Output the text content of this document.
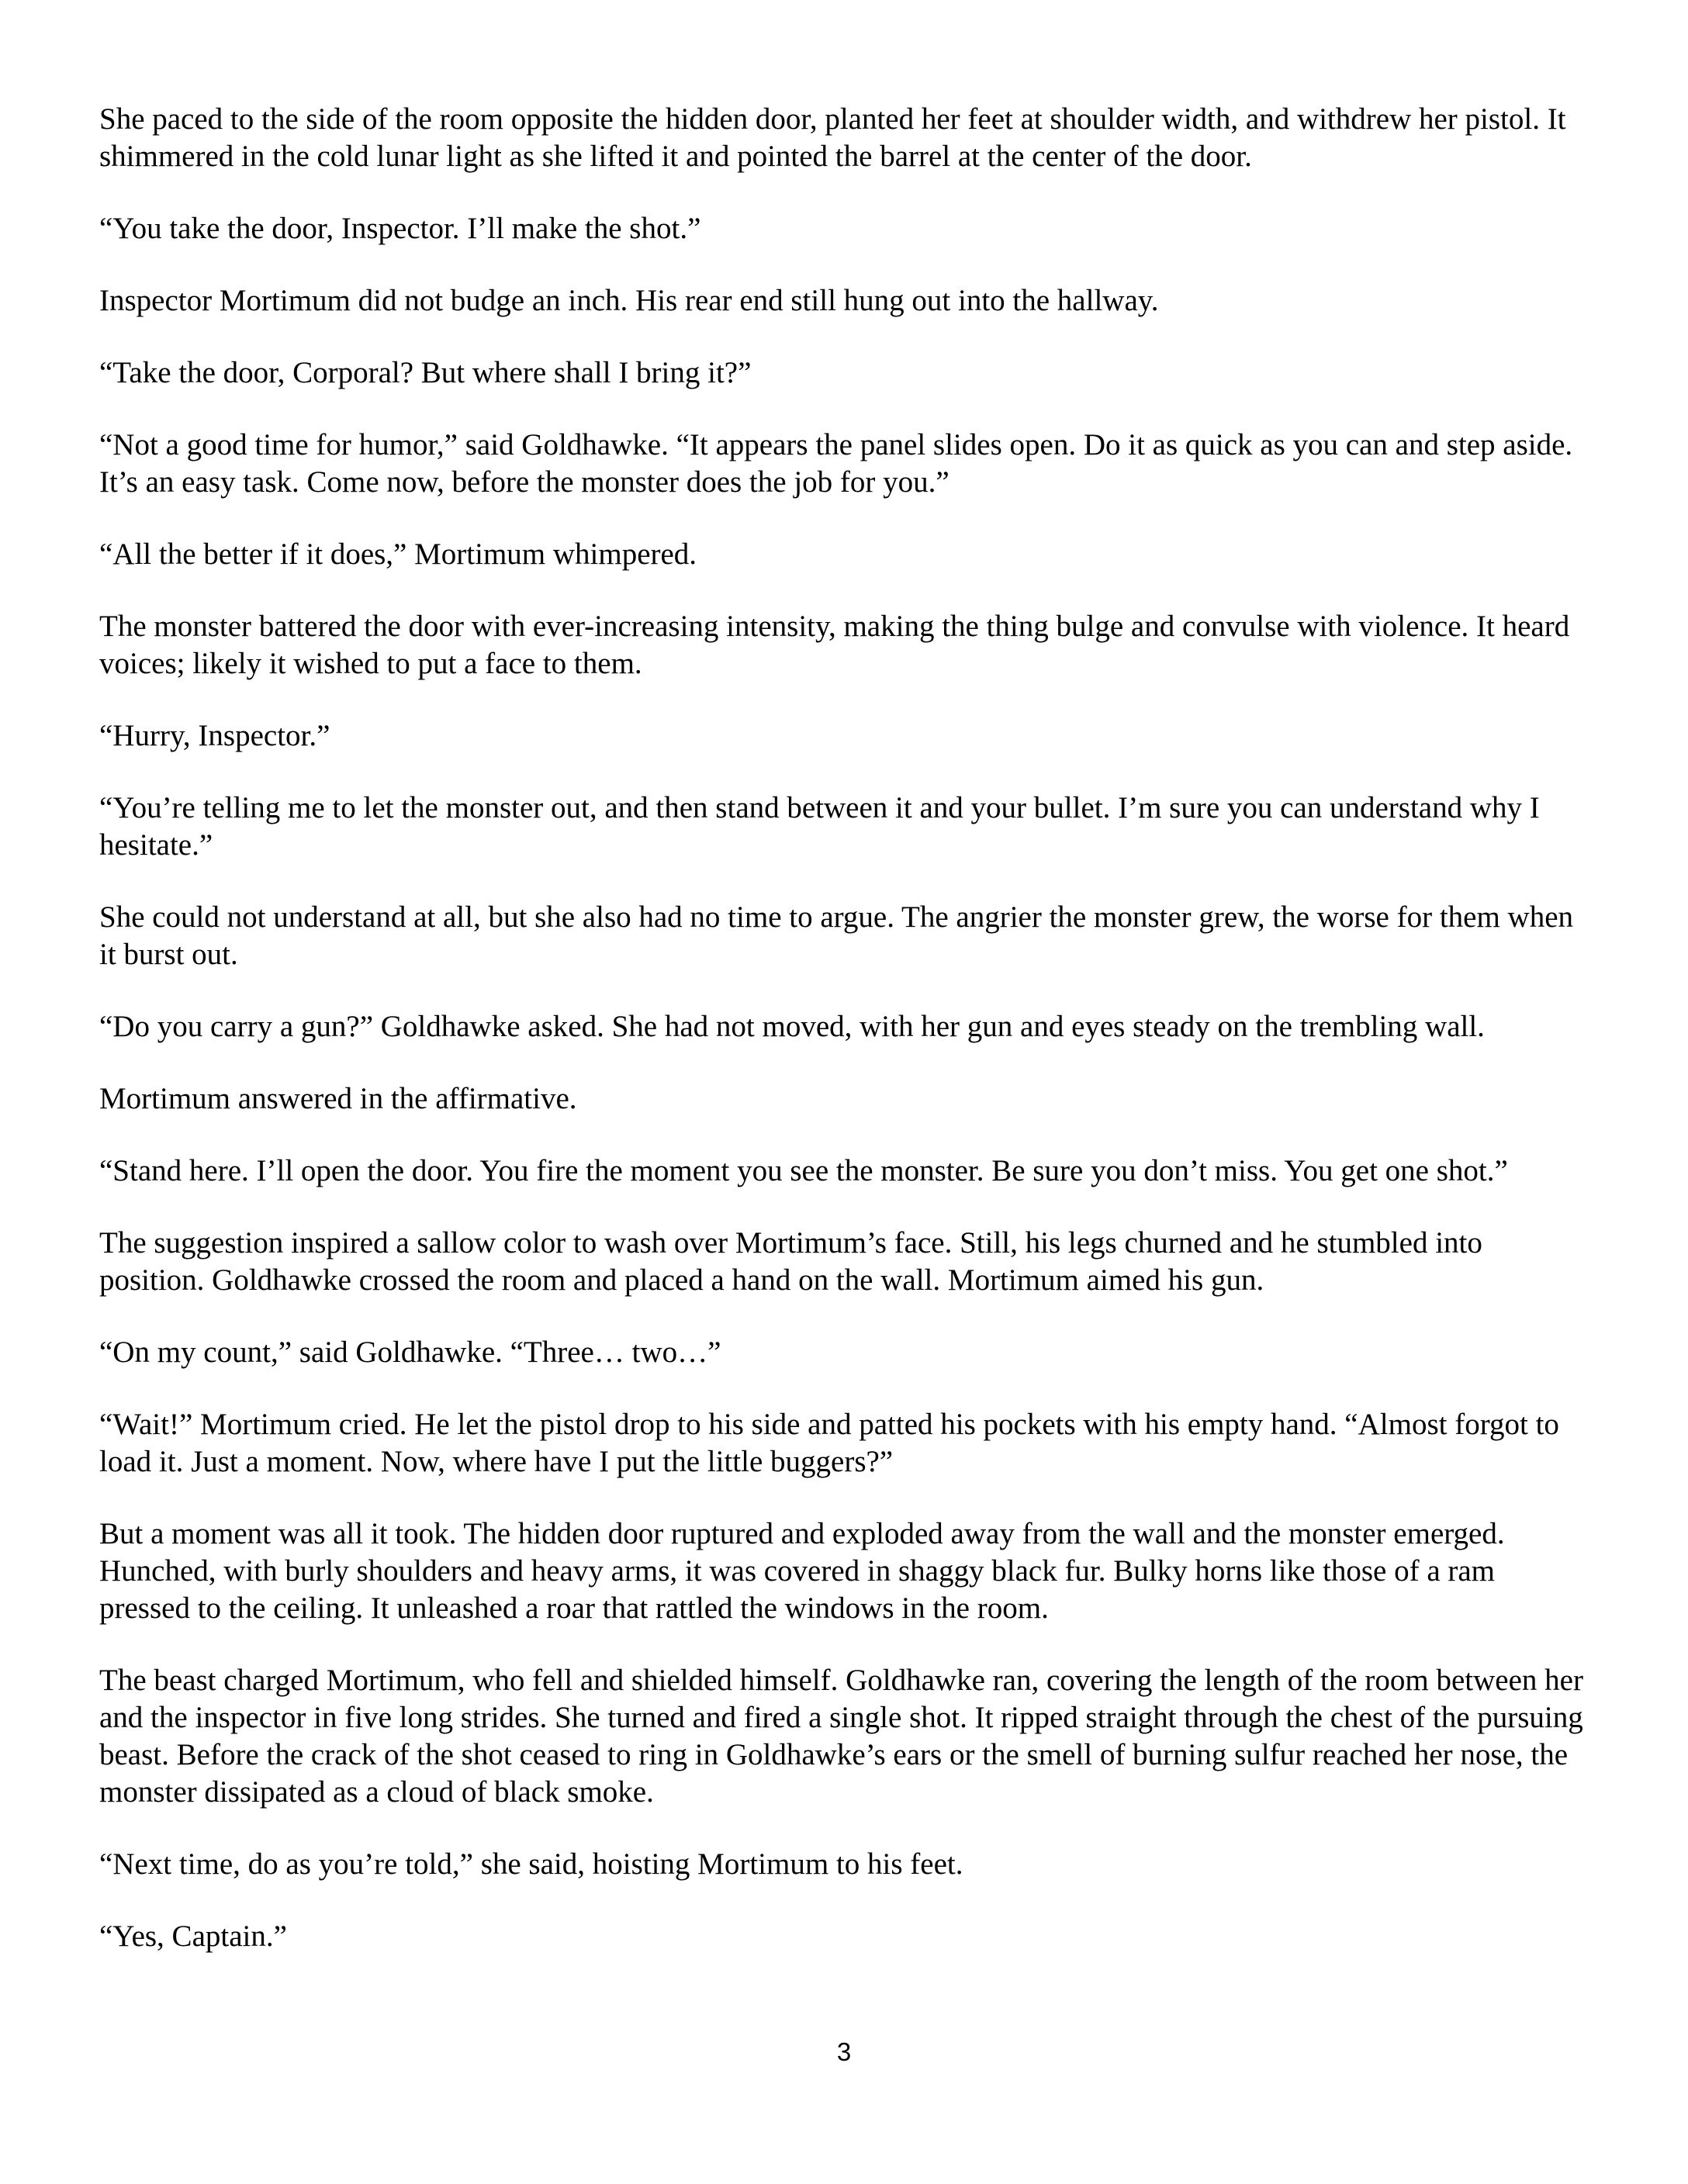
She paced to the side of the room opposite the hidden door, planted her feet at shoulder width, and withdrew her pistol. It shimmered in the cold lunar light as she lifted it and pointed the barrel at the center of the door.

“You take the door, Inspector. I’ll make the shot.”

Inspector Mortimum did not budge an inch. His rear end still hung out into the hallway.

“Take the door, Corporal? But where shall I bring it?”

“Not a good time for humor,” said Goldhawke. “It appears the panel slides open. Do it as quick as you can and step aside. It’s an easy task. Come now, before the monster does the job for you.”

“All the better if it does,” Mortimum whimpered.

The monster battered the door with ever-increasing intensity, making the thing bulge and convulse with violence. It heard voices; likely it wished to put a face to them.

“Hurry, Inspector.”

“You’re telling me to let the monster out, and then stand between it and your bullet. I’m sure you can understand why I hesitate.”

She could not understand at all, but she also had no time to argue. The angrier the monster grew, the worse for them when it burst out.

“Do you carry a gun?” Goldhawke asked. She had not moved, with her gun and eyes steady on the trembling wall.

Mortimum answered in the affirmative.

“Stand here. I’ll open the door. You fire the moment you see the monster. Be sure you don’t miss. You get one shot.”

The suggestion inspired a sallow color to wash over Mortimum’s face. Still, his legs churned and he stumbled into position. Goldhawke crossed the room and placed a hand on the wall. Mortimum aimed his gun.

“On my count,” said Goldhawke. “Three… two…”

“Wait!” Mortimum cried. He let the pistol drop to his side and patted his pockets with his empty hand. “Almost forgot to load it. Just a moment. Now, where have I put the little buggers?”

But a moment was all it took. The hidden door ruptured and exploded away from the wall and the monster emerged. Hunched, with burly shoulders and heavy arms, it was covered in shaggy black fur. Bulky horns like those of a ram pressed to the ceiling. It unleashed a roar that rattled the windows in the room.

The beast charged Mortimum, who fell and shielded himself. Goldhawke ran, covering the length of the room between her and the inspector in five long strides. She turned and fired a single shot. It ripped straight through the chest of the pursuing beast. Before the crack of the shot ceased to ring in Goldhawke’s ears or the smell of burning sulfur reached her nose, the monster dissipated as a cloud of black smoke.

“Next time, do as you’re told,” she said, hoisting Mortimum to his feet.

“Yes, Captain.”

3
